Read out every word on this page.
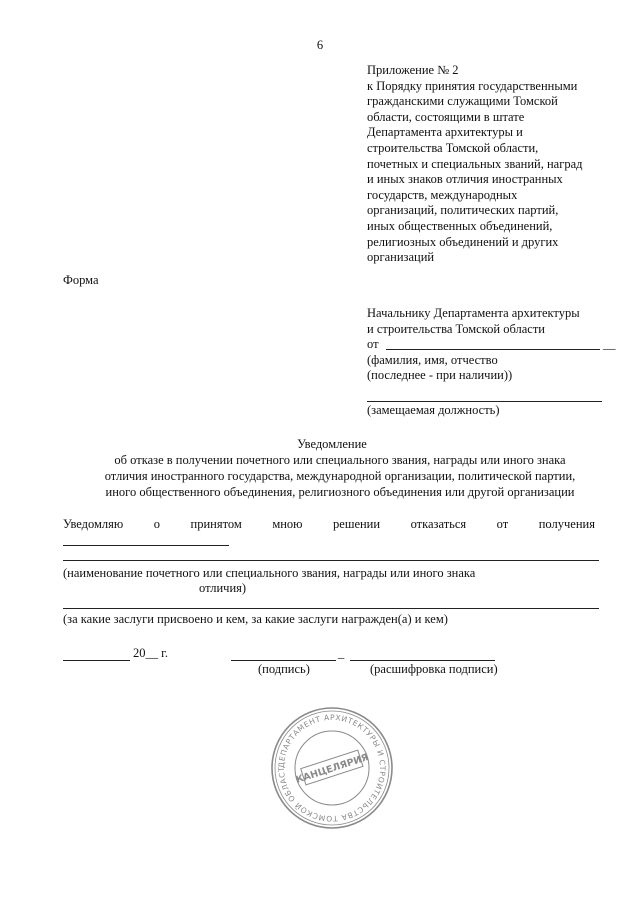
6
Приложение № 2
к Порядку принятия государственными
гражданскими служащими Томской
области, состоящими в штате
Департамента архитектуры и
строительства Томской области,
почетных и специальных званий, наград
и иных знаков отличия иностранных
государств, международных
организаций, политических партий,
иных общественных объединений,
религиозных объединений и других
организаций
Форма
Начальнику Департамента архитектуры
и строительства Томской области
от	__
(фамилия, имя, отчество
(последнее - при наличии))
(замещаемая должность)
Уведомление
об отказе в получении почетного или специального звания, награды или иного знака
отличия иностранного государства, международной организации, политической партии,
иного общественного объединения, религиозного объединения или другой организации
Уведомляю о принятом мною решении отказаться от получения
(наименование почетного или специального звания, награды или иного знака
отличия)
(за какие заслуги присвоено и кем, за какие заслуги награжден(а) и кем)
20__ г.	_
(подпись)	(расшифровка подписи)
ДЕПАРТАМЕНТ АРХИТЕКТУРЫ И СТРОИТЕЛЬСТВА ТОМСКОЙ ОБЛАСТ КАНЦЕЛЯРИЯ
